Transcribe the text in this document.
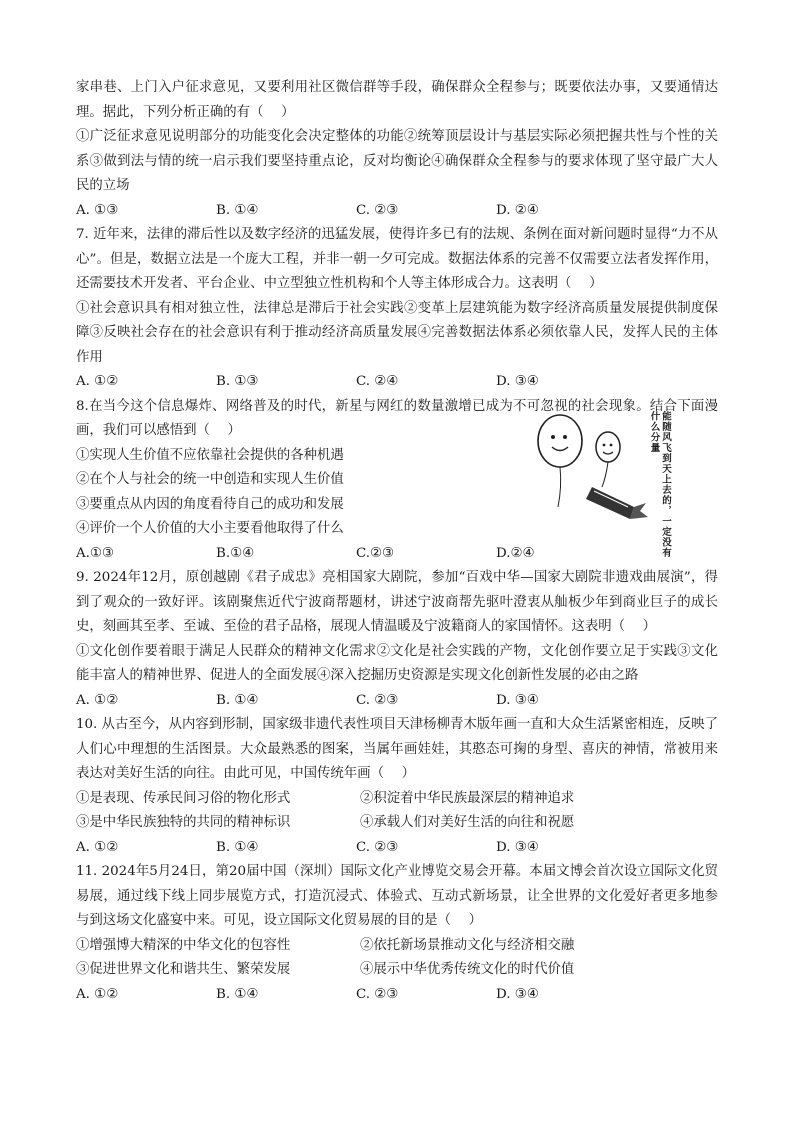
家串巷、上门入户征求意见，又要利用社区微信群等手段，确保群众全程参与；既要依法办事，又要通情达理。据此，下列分析正确的有（　 ）

①广泛征求意见说明部分的功能变化会决定整体的功能②统筹顶层设计与基层实际必须把握共性与个性的关系③做到法与情的统一启示我们要坚持重点论，反对均衡论④确保群众全程参与的要求体现了坚守最广大人民的立场

A. ①③	B. ①④	C. ②③	D. ②④

7. 近年来，法律的滞后性以及数字经济的迅猛发展，使得许多已有的法规、条例在面对新问题时显得“力不从心”。但是，数据立法是一个庞大工程，并非一朝一夕可完成。数据法体系的完善不仅需要立法者发挥作用，还需要技术开发者、平台企业、中立型独立性机构和个人等主体形成合力。这表明（　 ）

①社会意识具有相对独立性，法律总是滞后于社会实践②变革上层建筑能为数字经济高质量发展提供制度保障③反映社会存在的社会意识有利于推动经济高质量发展④完善数据法体系必须依靠人民，发挥人民的主体作用

A. ①②	B. ①③	C. ②④	D. ③④

8.在当今这个信息爆炸、网络普及的时代，新星与网红的数量激增已成为不可忽视的社会现象。结合下面漫画，我们可以感悟到（　 ）

①实现人生价值不应依靠社会提供的各种机遇

②在个人与社会的统一中创造和实现人生价值

③要重点从内因的角度看待自己的成功和发展

④评价一个人价值的大小主要看他取得了什么

A.①③	B.①④	C.②③	D.②④	能随风飞到天上去的，一定没有什么分量

9. 2024年12月，原创越剧《君子成忠》亮相国家大剧院，参加“百戏中华—国家大剧院非遗戏曲展演”，得到了观众的一致好评。该剧聚焦近代宁波商帮题材，讲述宁波商帮先驱叶澄衷从舢板少年到商业巨子的成长史，刻画其至孝、至诚、至俭的君子品格，展现人情温暖及宁波籍商人的家国情怀。这表明（　 ）

①文化创作要着眼于满足人民群众的精神文化需求②文化是社会实践的产物，文化创作要立足于实践③文化能丰富人的精神世界、促进人的全面发展④深入挖掘历史资源是实现文化创新性发展的必由之路

A. ①②	B. ①④	C. ②③	D. ③④

10. 从古至今，从内容到形制，国家级非遗代表性项目天津杨柳青木版年画一直和大众生活紧密相连，反映了人们心中理想的生活图景。大众最熟悉的图案，当属年画娃娃，其憨态可掬的身型、喜庆的神情，常被用来表达对美好生活的向往。由此可见，中国传统年画（　 ）

①是表现、传承民间习俗的物化形式	②积淀着中华民族最深层的精神追求
③是中华民族独特的共同的精神标识	④承载人们对美好生活的向往和祝愿
A. ①②	B. ①④	C. ②③	D. ③④

11. 2024年5月24日，第20届中国（深圳）国际文化产业博览交易会开幕。本届文博会首次设立国际文化贸易展，通过线下线上同步展览方式，打造沉浸式、体验式、互动式新场景，让全世界的文化爱好者更多地参与到这场文化盛宴中来。可见，设立国际文化贸易展的目的是（　 ）

①增强博大精深的中华文化的包容性	②依托新场景推动文化与经济相交融
③促进世界文化和谐共生、繁荣发展	④展示中华优秀传统文化的时代价值
A. ①②	B. ①④	C. ②③	D. ③④
